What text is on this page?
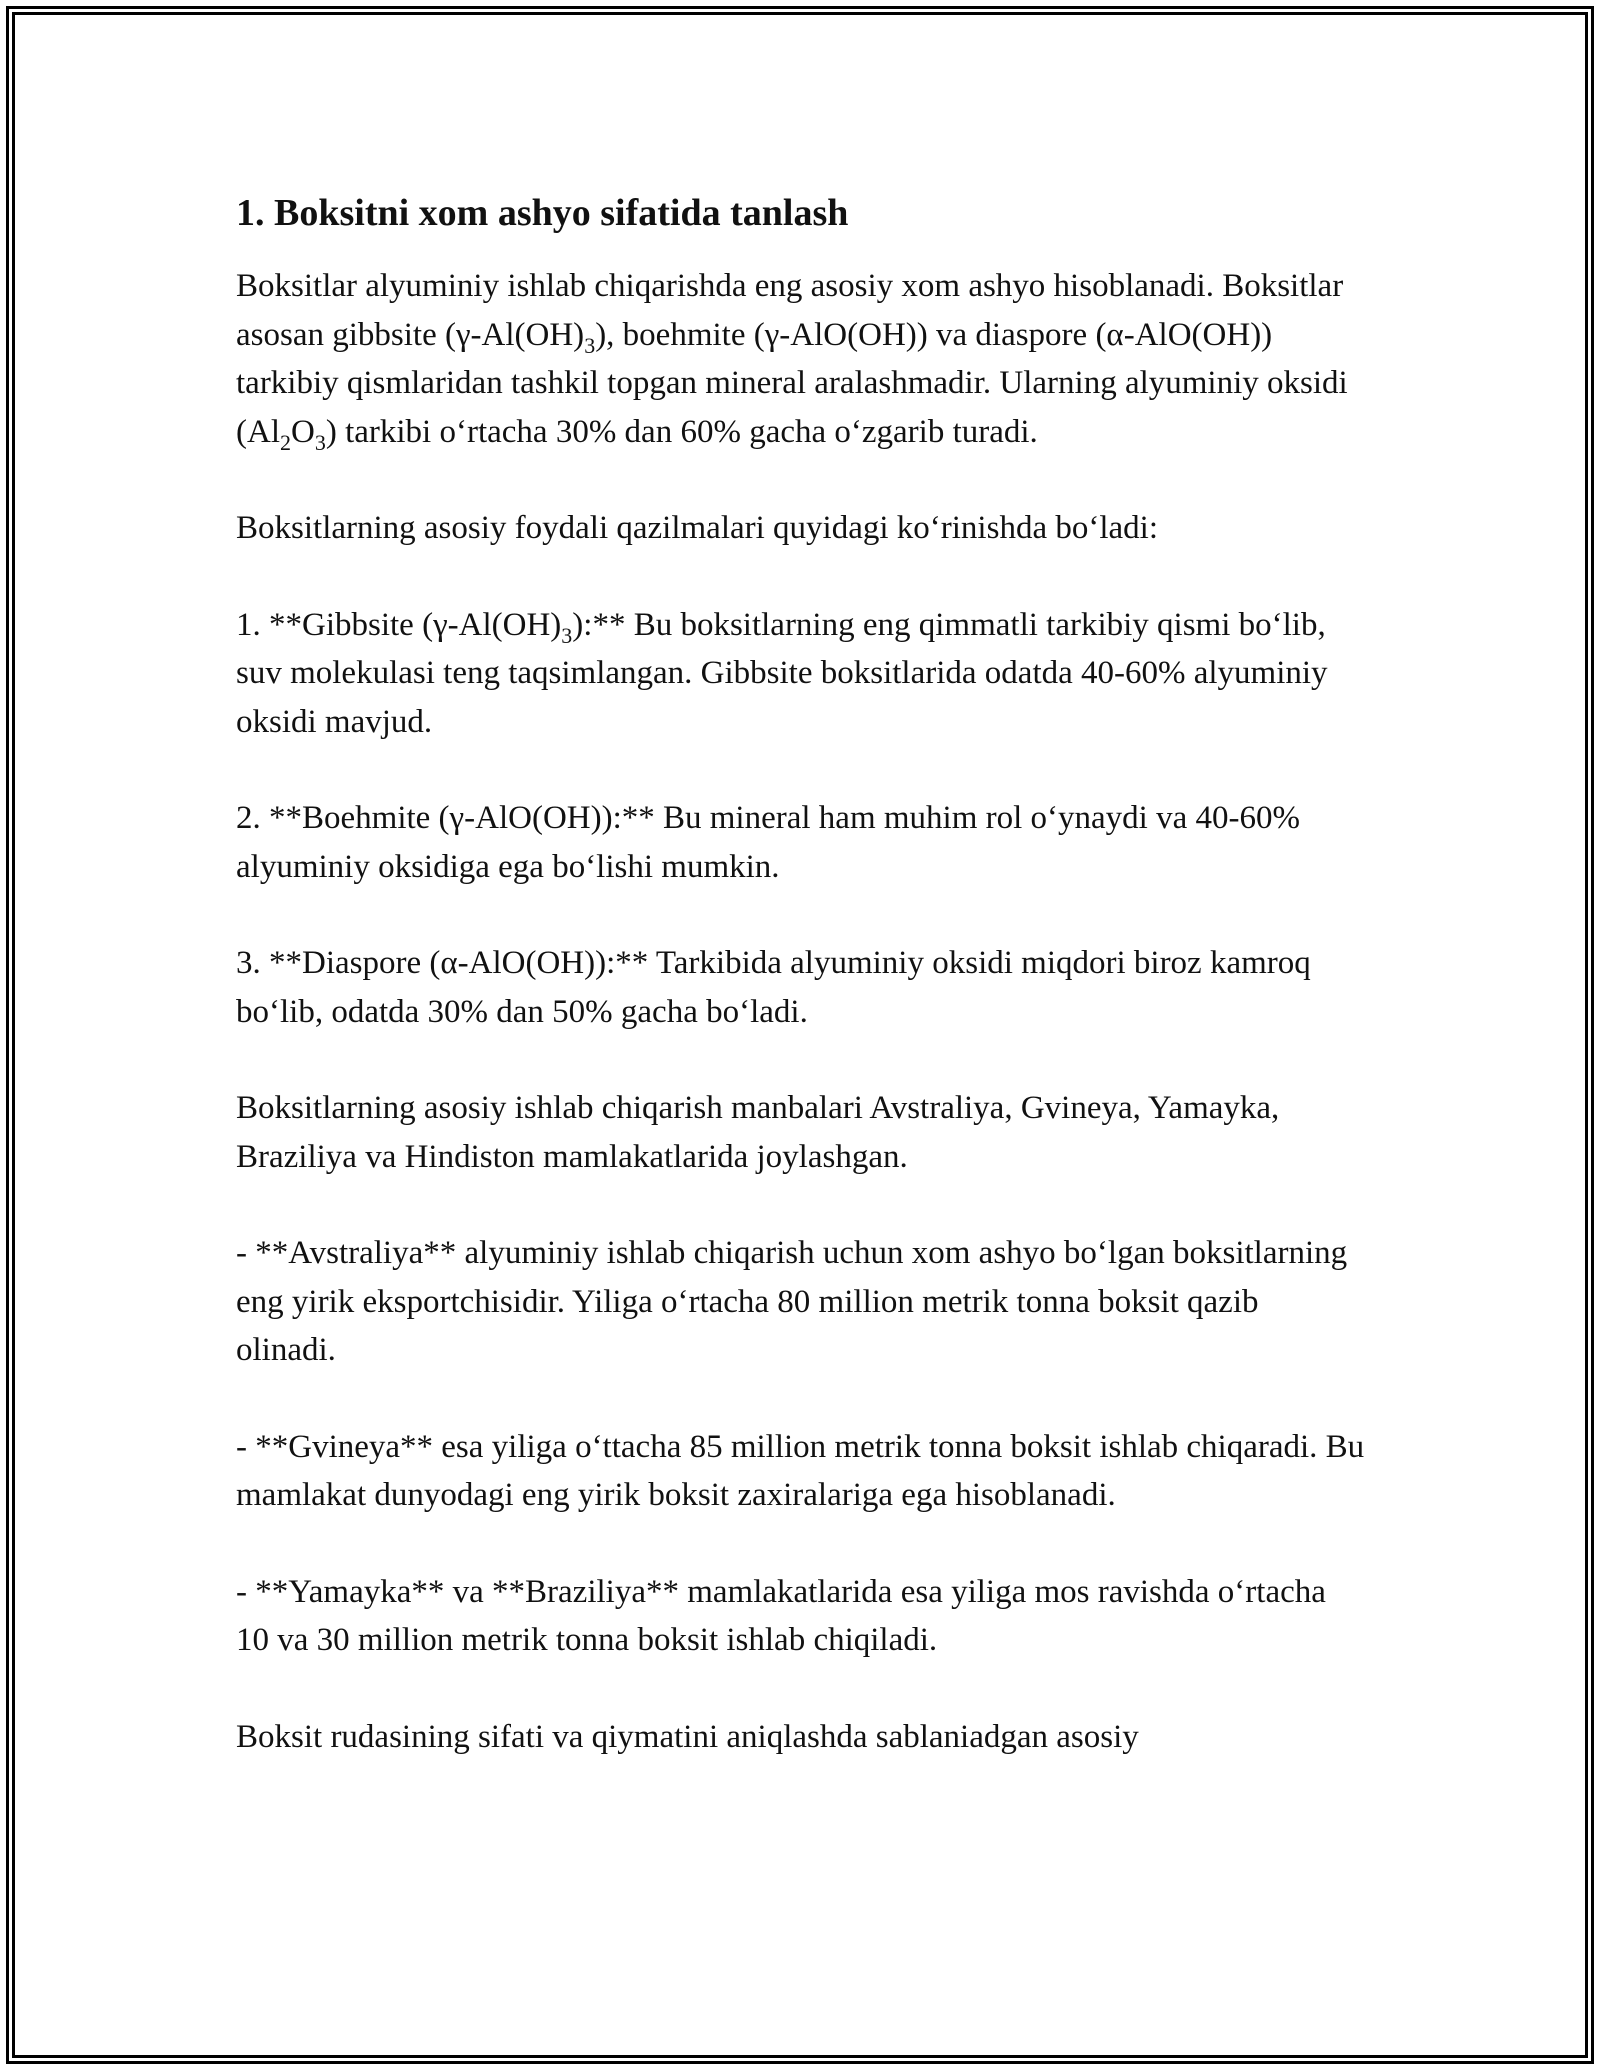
1. Boksitni xom ashyo sifatida tanlash

Boksitlar alyuminiy ishlab chiqarishda eng asosiy xom ashyo hisoblanadi. Boksitlar asosan gibbsite $(\gamma-Al(OH)_3)$, boehmite (γ-AlO(OH)) va diaspore (α-AlO(OH)) tarkibiy qismlaridan tashkil topgan mineral aralashmadir. Ularning alyuminiy oksidi $(Al_2O_3)$ tarkibi oʻrtacha 30% dan 60% gacha oʻzgarib turadi.

Boksitlarning asosiy foydali qazilmalari quyidagi koʻrinishda boʻladi:

1. **Gibbsite $(\gamma-Al(OH)_3):**$ Bu boksitlarning eng qimmatli tarkibiy qismi boʻlib, suv molekulasi teng taqsimlangan. Gibbsite boksitlarida odatda 40-60% alyuminiy oksidi mavjud.

2. **Boehmite (γ-AlO(OH)):** Bu mineral ham muhim rol oʻynaydi va 40-60% alyuminiy oksidiga ega boʻlishi mumkin.

3. **Diaspore (α-AlO(OH)):** Tarkibida alyuminiy oksidi miqdori biroz kamroq boʻlib, odatda 30% dan 50% gacha boʻladi.

Boksitlarning asosiy ishlab chiqarish manbalari Avstraliya, Gvineya, Yamayka, Braziliya va Hindiston mamlakatlarida joylashgan.

- **Avstraliya** alyuminiy ishlab chiqarish uchun xom ashyo boʻlgan boksitlarning eng yirik eksportchisidir. Yiliga oʻrtacha 80 million metrik tonna boksit qazib olinadi.

- **Gvineya** esa yiliga oʻttacha 85 million metrik tonna boksit ishlab chiqaradi. Bu mamlakat dunyodagi eng yirik boksit zaxiralariga ega hisoblanadi.

- **Yamayka** va **Braziliya** mamlakatlarida esa yiliga mos ravishda oʻrtacha 10 va 30 million metrik tonna boksit ishlab chiqiladi.

Boksit rudasining sifati va qiymatini aniqlashda sablaniadgan asosiy
